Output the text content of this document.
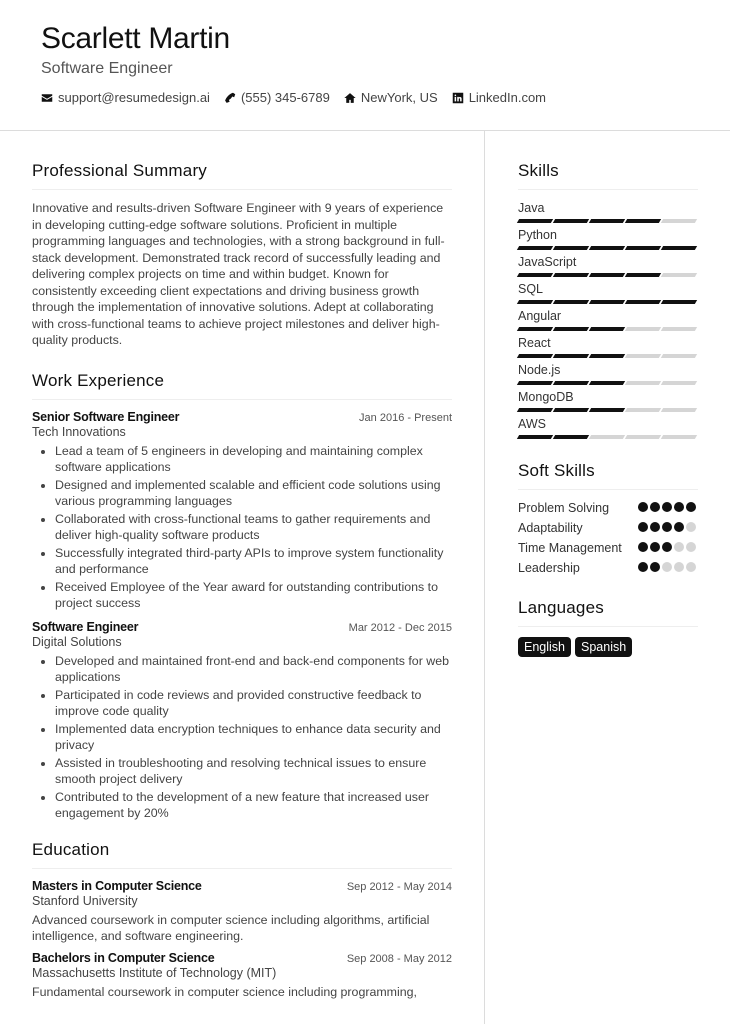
Scarlett Martin
Software Engineer
support@resumedesign.ai (555) 345-6789 NewYork, US LinkedIn.com
Professional Summary

Innovative and results-driven Software Engineer with 9 years of experience in developing cutting-edge software solutions. Proficient in multiple programming languages and technologies, with a strong background in full-stack development. Demonstrated track record of successfully leading and delivering complex projects on time and within budget. Known for consistently exceeding client expectations and driving business growth through the implementation of innovative solutions. Adept at collaborating with cross-functional teams to achieve project milestones and deliver high-quality products.

Work Experience
Senior Software Engineer	Jan 2016 - Present
Tech Innovations
• Lead a team of 5 engineers in developing and maintaining complex software applications
• Designed and implemented scalable and efficient code solutions using various programming languages
• Collaborated with cross-functional teams to gather requirements and deliver high-quality software products
• Successfully integrated third-party APIs to improve system functionality and performance
• Received Employee of the Year award for outstanding contributions to project success
Software Engineer	Mar 2012 - Dec 2015
Digital Solutions
• Developed and maintained front-end and back-end components for web applications
• Participated in code reviews and provided constructive feedback to improve code quality
• Implemented data encryption techniques to enhance data security and privacy
• Assisted in troubleshooting and resolving technical issues to ensure smooth project delivery
• Contributed to the development of a new feature that increased user engagement by 20%
Education
Masters in Computer Science	Sep 2012 - May 2014
Stanford University

Advanced coursework in computer science including algorithms, artificial intelligence, and software engineering.

Bachelors in Computer Science	Sep 2008 - May 2012
Massachusetts Institute of Technology (MIT)

Fundamental coursework in computer science including programming,

Skills
Java
Python
JavaScript
SQL
Angular
React
Node.js
MongoDB
AWS
Soft Skills
Problem Solving
Adaptability
Time Management
Leadership
Languages
English	Spanish
